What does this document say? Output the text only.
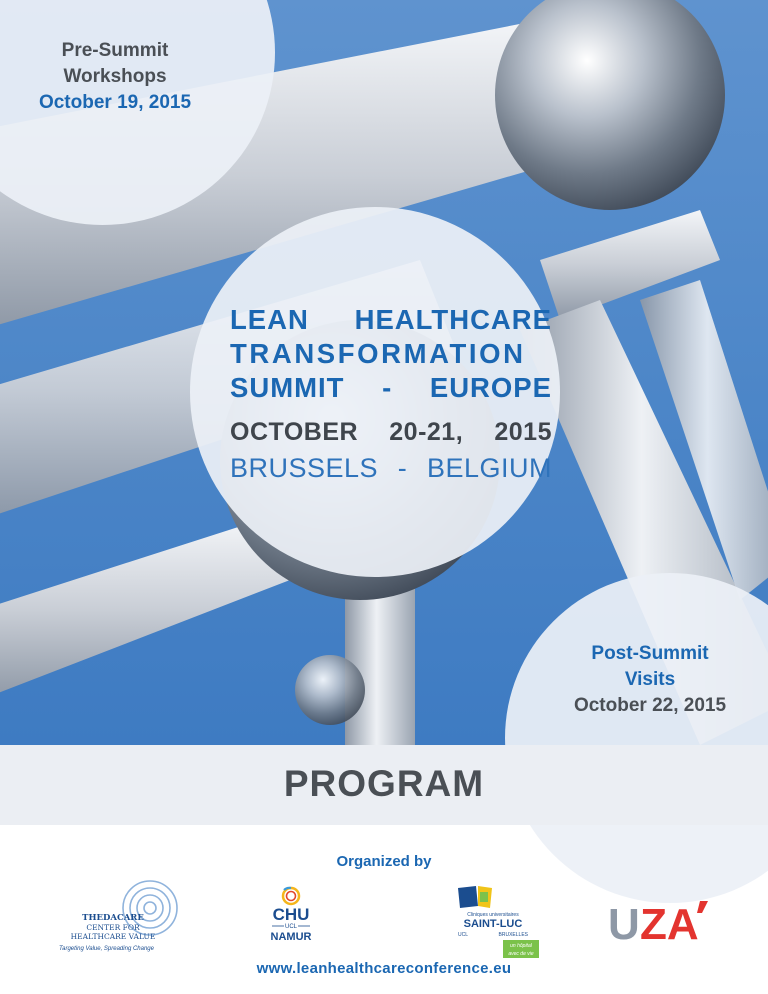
Pre-Summit
Workshops
October 19, 2015
LEAN HEALTHCARE
TRANSFORMATION
SUMMIT - EUROPE
OCTOBER 20-21, 2015
BRUSSELS - BELGIUM
Post-Summit
Visits
October 22, 2015
PROGRAM
Organized by
THEDACARE
CENTER FOR
HEALTHCARE VALUE
Targeting Value, Spreading Change
CHU
UCL
NAMUR
Cliniques universitaires
SAINT-LUC
UCL	BRUXELLES
un hôpital
avec de vie
U ZA
UZA
www.leanhealthcareconference.eu
